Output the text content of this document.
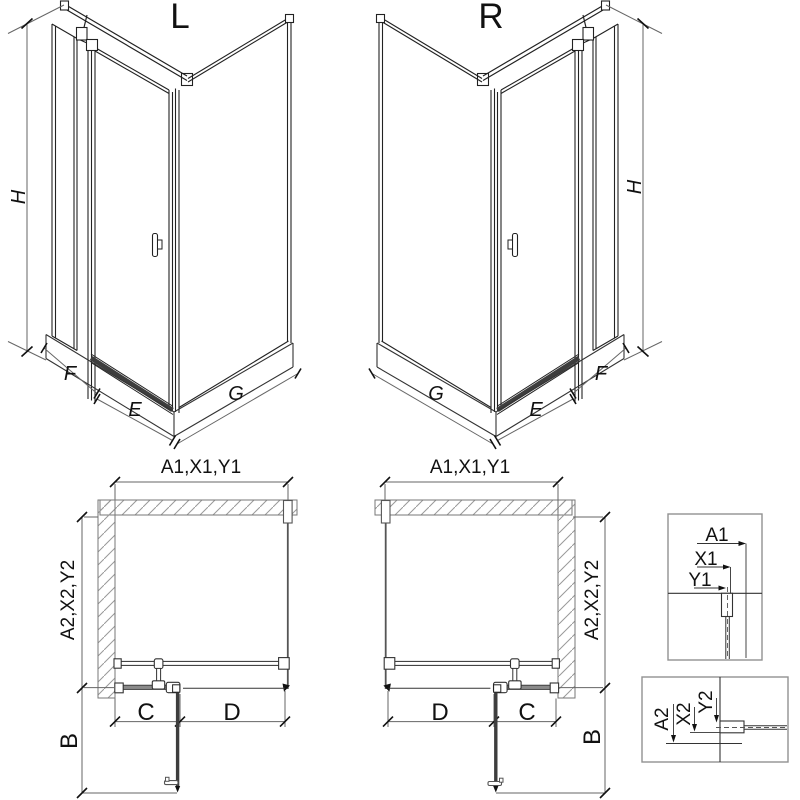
L	R
H
F
E
G
H
F
E
G
A1,X1,Y1
A2,X2,Y2
B
C	D
A1,X1,Y1
A2,X2,Y2
B
D	C
A1
X1
Y1
A2 X2
Y2
